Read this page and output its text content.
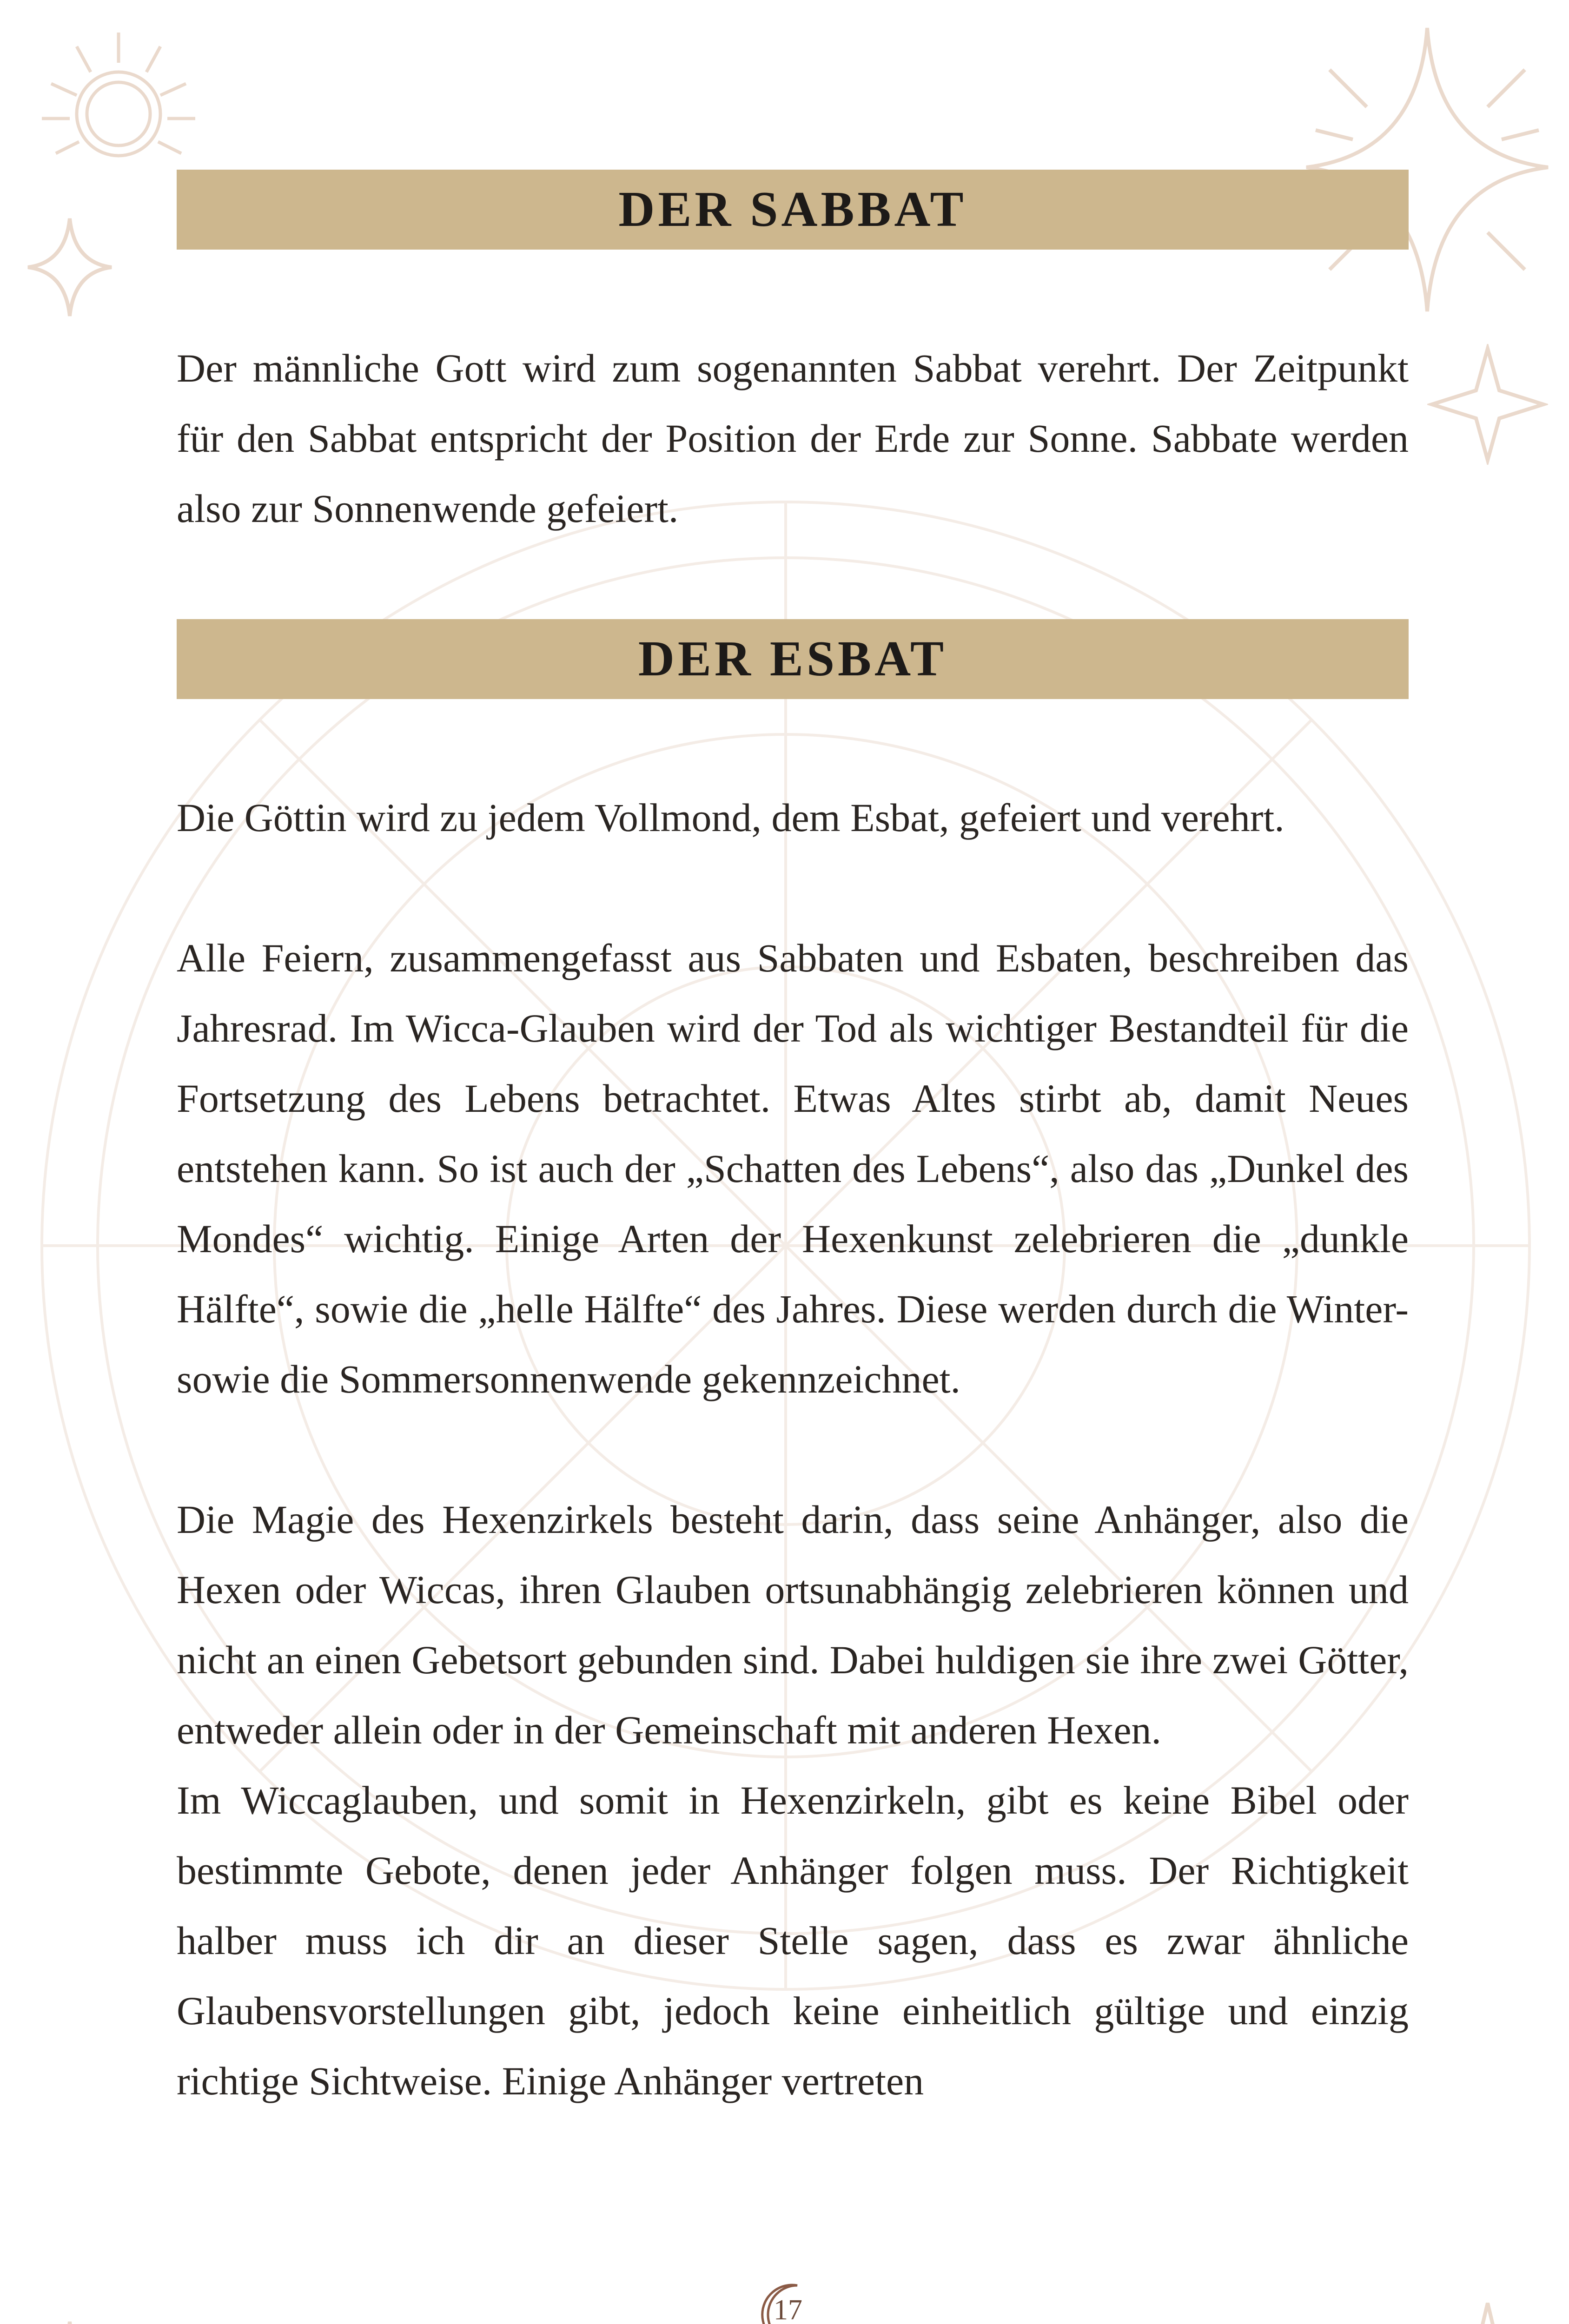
DER SABBAT

Der männliche Gott wird zum sogenannten Sabbat verehrt. Der Zeitpunkt für den Sabbat entspricht der Position der Erde zur Sonne. Sabbate werden also zur Sonnenwende gefeiert.

DER ESBAT

Die Göttin wird zu jedem Vollmond, dem Esbat, gefeiert und verehrt.

Alle Feiern, zusammengefasst aus Sabbaten und Esbaten, beschreiben das Jahresrad. Im Wicca-Glauben wird der Tod als wichtiger Bestandteil für die Fortsetzung des Lebens betrachtet. Etwas Altes stirbt ab, damit Neues entstehen kann. So ist auch der „Schatten des Lebens“, also das „Dunkel des Mondes“ wichtig. Einige Arten der Hexenkunst zelebrieren die „dunkle Hälfte“, sowie die „helle Hälfte“ des Jahres. Diese werden durch die Winter- sowie die Sommersonnenwende gekennzeichnet.

Die Magie des Hexenzirkels besteht darin, dass seine Anhänger, also die Hexen oder Wiccas, ihren Glauben ortsunabhängig zelebrieren können und nicht an einen Gebetsort gebunden sind. Dabei huldigen sie ihre zwei Götter, entweder allein oder in der Gemeinschaft mit anderen Hexen.

Im Wiccaglauben, und somit in Hexenzirkeln, gibt es keine Bibel oder bestimmte Gebote, denen jeder Anhänger folgen muss. Der Richtigkeit halber muss ich dir an dieser Stelle sagen, dass es zwar ähnliche Glaubensvorstellungen gibt, jedoch keine einheitlich gültige und einzig richtige Sichtweise. Einige Anhänger vertreten

17
